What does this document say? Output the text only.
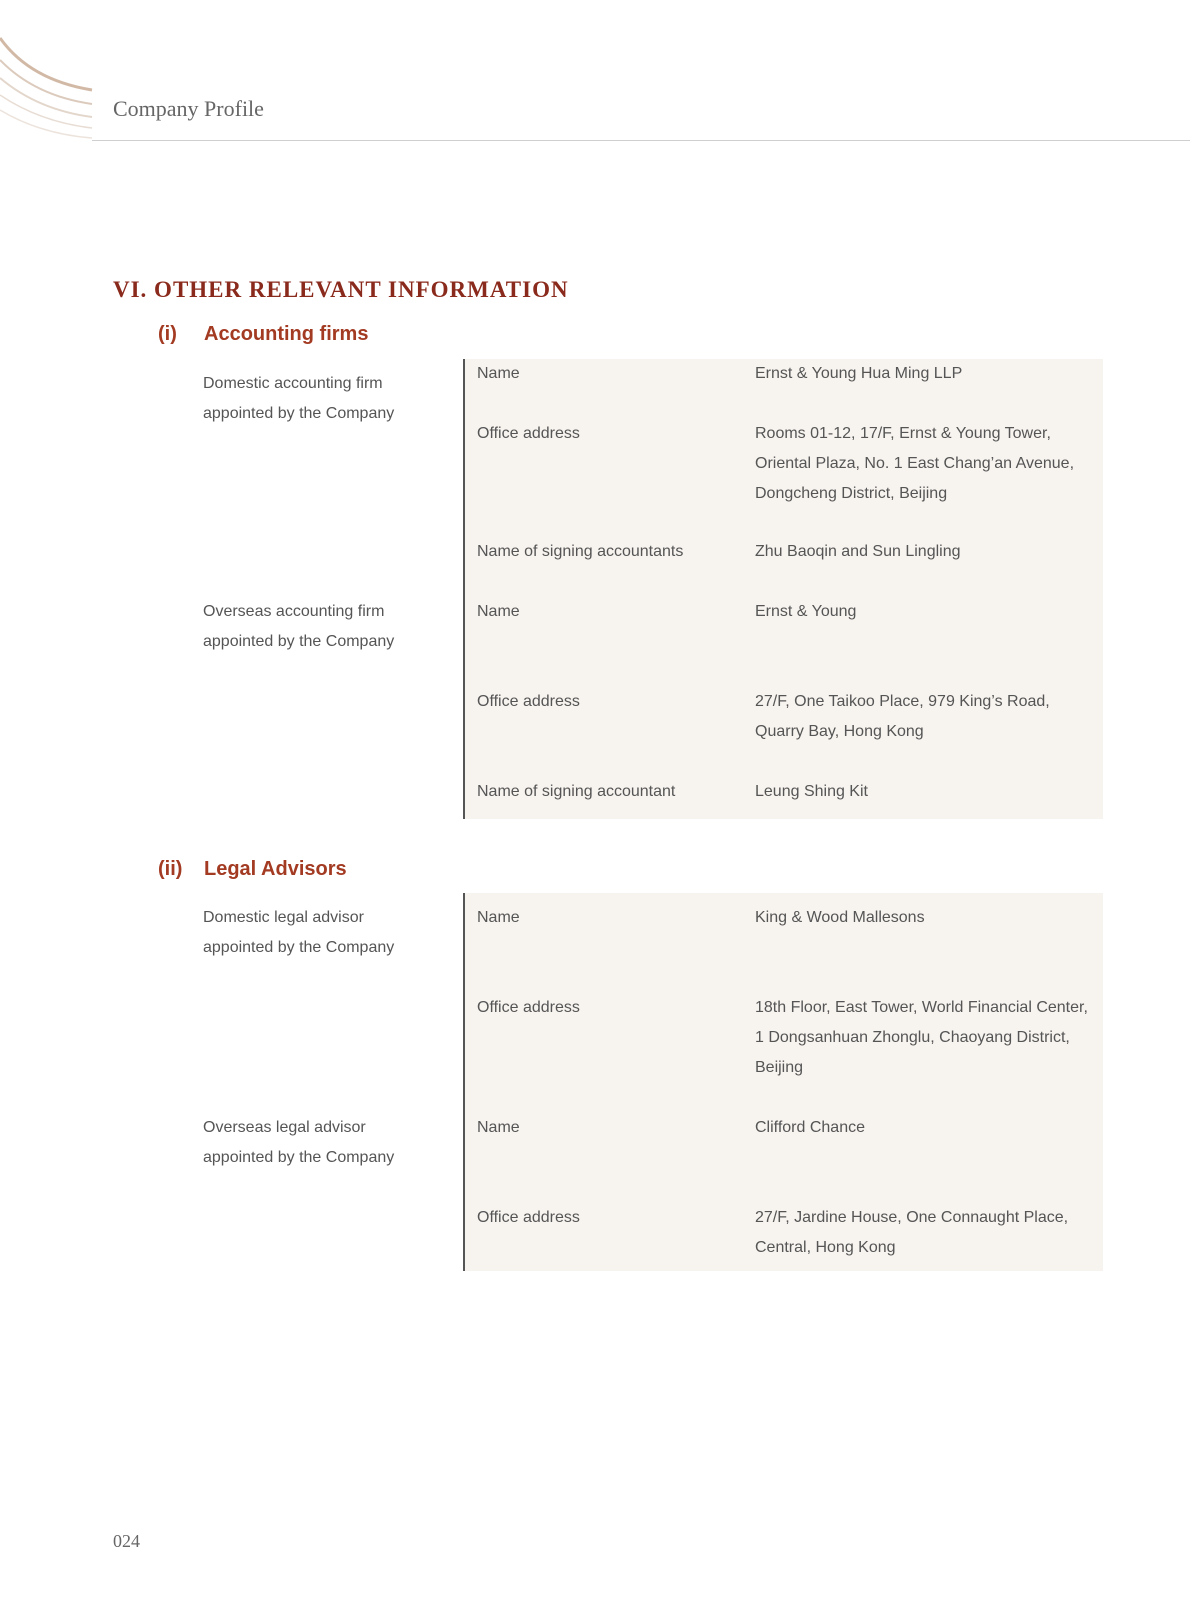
Company Profile
VI. OTHER RELEVANT INFORMATION
(i) Accounting firms
Domestic accounting firm
appointed by the Company
Name	Ernst & Young Hua Ming LLP
Office address	Rooms 01-12, 17/F, Ernst & Young Tower,
Oriental Plaza, No. 1 East Chang’an Avenue,
Dongcheng District, Beijing
Name of signing accountants	Zhu Baoqin and Sun Lingling
Overseas accounting firm
appointed by the Company
Name	Ernst & Young
Office address	27/F, One Taikoo Place, 979 King’s Road,
Quarry Bay, Hong Kong
Name of signing accountant	Leung Shing Kit
(ii) Legal Advisors
Domestic legal advisor
appointed by the Company
Name	King & Wood Mallesons
Office address	18th Floor, East Tower, World Financial Center,
1 Dongsanhuan Zhonglu, Chaoyang District,
Beijing
Overseas legal advisor
appointed by the Company
Name	Clifford Chance
Office address	27/F, Jardine House, One Connaught Place,
Central, Hong Kong

024
